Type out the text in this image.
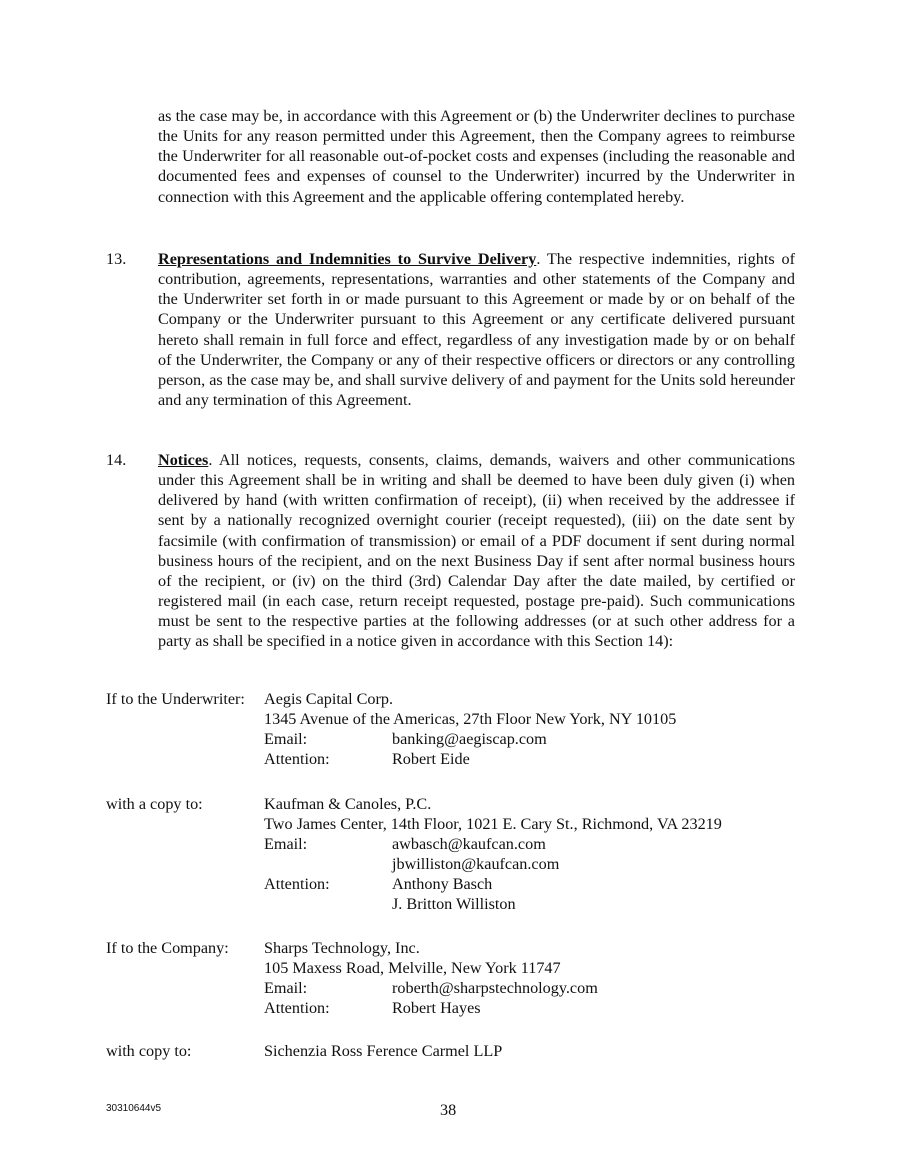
as the case may be, in accordance with this Agreement or (b) the Underwriter declines to purchase the Units for any reason permitted under this Agreement, then the Company agrees to reimburse the Underwriter for all reasonable out-of-pocket costs and expenses (including the reasonable and documented fees and expenses of counsel to the Underwriter) incurred by the Underwriter in connection with this Agreement and the applicable offering contemplated hereby.
13. Representations and Indemnities to Survive Delivery. The respective indemnities, rights of contribution, agreements, representations, warranties and other statements of the Company and the Underwriter set forth in or made pursuant to this Agreement or made by or on behalf of the Company or the Underwriter pursuant to this Agreement or any certificate delivered pursuant hereto shall remain in full force and effect, regardless of any investigation made by or on behalf of the Underwriter, the Company or any of their respective officers or directors or any controlling person, as the case may be, and shall survive delivery of and payment for the Units sold hereunder and any termination of this Agreement.
14. Notices. All notices, requests, consents, claims, demands, waivers and other communications under this Agreement shall be in writing and shall be deemed to have been duly given (i) when delivered by hand (with written confirmation of receipt), (ii) when received by the addressee if sent by a nationally recognized overnight courier (receipt requested), (iii) on the date sent by facsimile (with confirmation of transmission) or email of a PDF document if sent during normal business hours of the recipient, and on the next Business Day if sent after normal business hours of the recipient, or (iv) on the third (3rd) Calendar Day after the date mailed, by certified or registered mail (in each case, return receipt requested, postage pre-paid). Such communications must be sent to the respective parties at the following addresses (or at such other address for a party as shall be specified in a notice given in accordance with this Section 14):
If to the Underwriter: Aegis Capital Corp.
1345 Avenue of the Americas, 27th Floor New York, NY 10105
Email:	banking@aegiscap.com
Attention:	Robert Eide
with a copy to:	Kaufman & Canoles, P.C.
Two James Center, 14th Floor, 1021 E. Cary St., Richmond, VA 23219
Email:	awbasch@kaufcan.com
jbwilliston@kaufcan.com
Attention:	Anthony Basch
J. Britton Williston
If to the Company: Sharps Technology, Inc.
105 Maxess Road, Melville, New York 11747
Email:	roberth@sharpstechnology.com
Attention:	Robert Hayes
with copy to:	Sichenzia Ross Ference Carmel LLP
30310644v5	38
